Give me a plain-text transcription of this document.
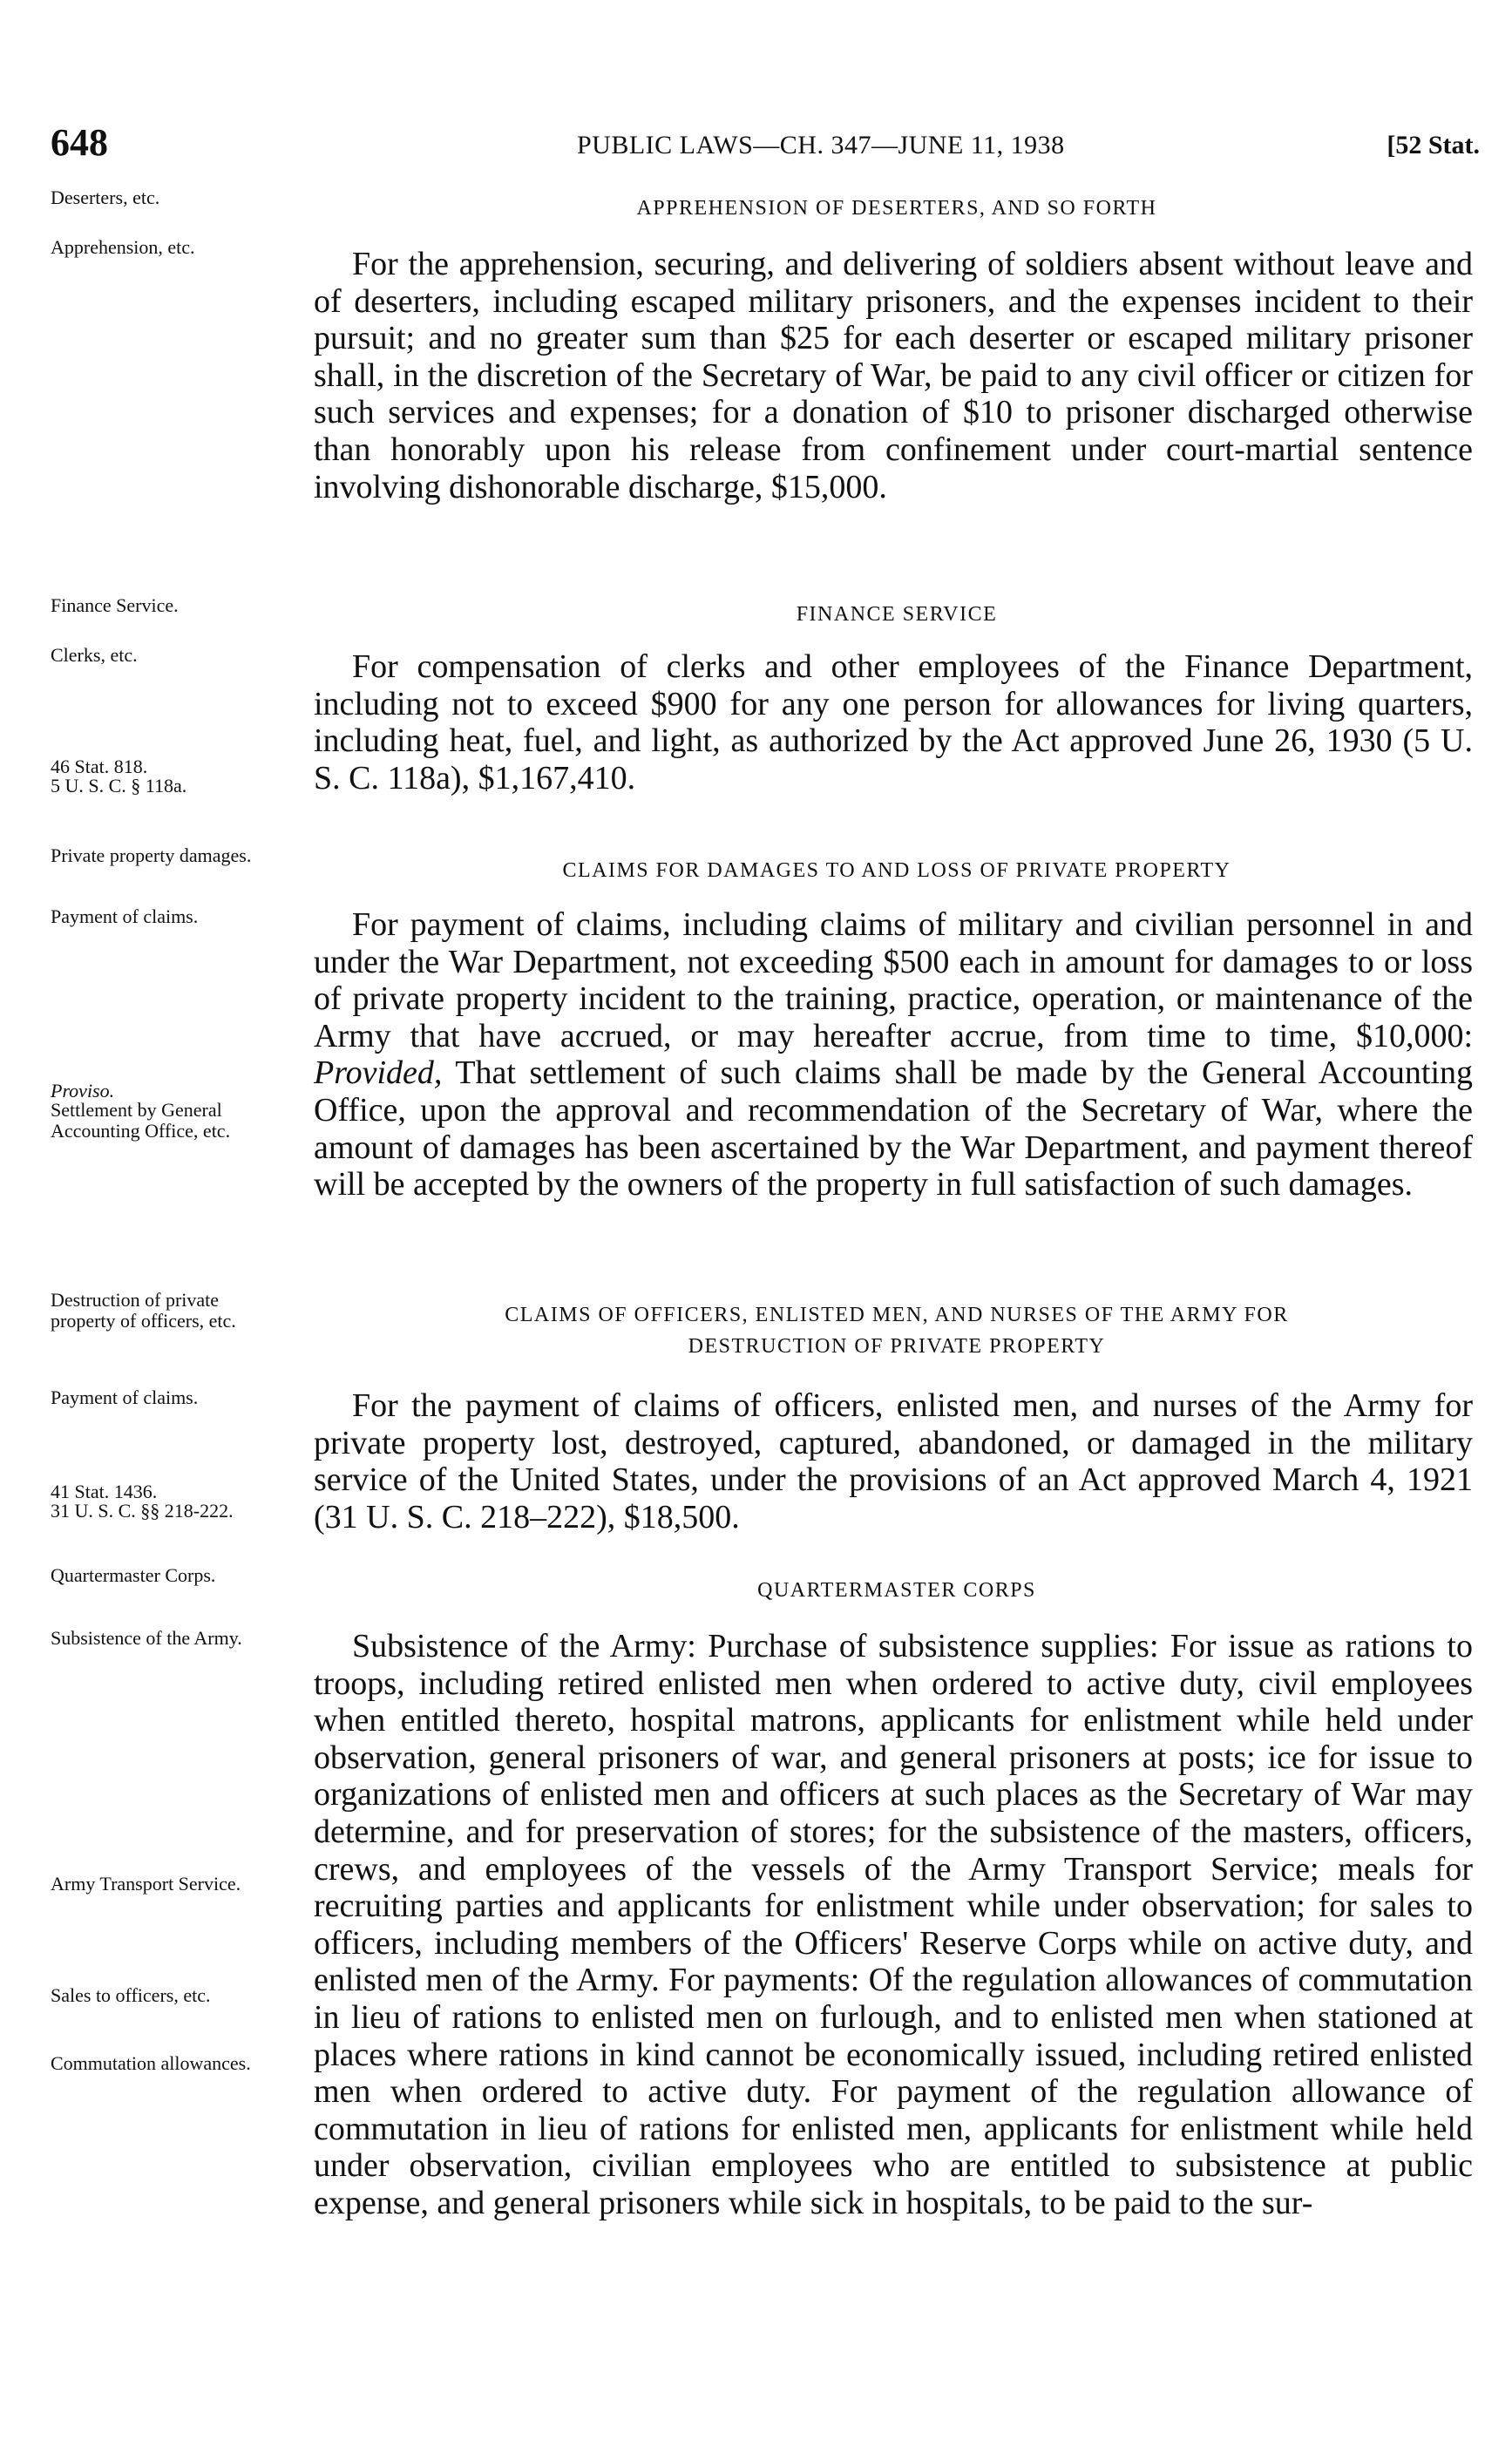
648	PUBLIC LAWS—CH. 347—JUNE 11, 1938	[52 Stat.
Deserters, etc.
Apprehension, etc.
Finance Service.
Clerks, etc.
46 Stat. 818.
5 U. S. C. § 118a.
Private property damages.
Payment of claims.
Proviso.
Settlement by General Accounting Office, etc.
Destruction of private property of officers, etc.
Payment of claims.
41 Stat. 1436.
31 U. S. C. §§ 218-222.
Quartermaster Corps.
Subsistence of the Army.
Army Transport Service.
Sales to officers, etc.
Commutation allowances.
APPREHENSION OF DESERTERS, AND SO FORTH
For the apprehension, securing, and delivering of soldiers absent without leave and of deserters, including escaped military prisoners, and the expenses incident to their pursuit; and no greater sum than $25 for each deserter or escaped military prisoner shall, in the discretion of the Secretary of War, be paid to any civil officer or citizen for such services and expenses; for a donation of $10 to prisoner discharged otherwise than honorably upon his release from confinement under court-martial sentence involving dishonorable discharge, $15,000.
FINANCE SERVICE
For compensation of clerks and other employees of the Finance Department, including not to exceed $900 for any one person for allowances for living quarters, including heat, fuel, and light, as authorized by the Act approved June 26, 1930 (5 U. S. C. 118a), $1,167,410.
CLAIMS FOR DAMAGES TO AND LOSS OF PRIVATE PROPERTY
For payment of claims, including claims of military and civilian personnel in and under the War Department, not exceeding $500 each in amount for damages to or loss of private property incident to the training, practice, operation, or maintenance of the Army that have accrued, or may hereafter accrue, from time to time, $10,000: Provided, That settlement of such claims shall be made by the General Accounting Office, upon the approval and recommendation of the Secretary of War, where the amount of damages has been ascertained by the War Department, and payment thereof will be accepted by the owners of the property in full satisfaction of such damages.
CLAIMS OF OFFICERS, ENLISTED MEN, AND NURSES OF THE ARMY FOR
DESTRUCTION OF PRIVATE PROPERTY
For the payment of claims of officers, enlisted men, and nurses of the Army for private property lost, destroyed, captured, abandoned, or damaged in the military service of the United States, under the provisions of an Act approved March 4, 1921 (31 U. S. C. 218–222), $18,500.
QUARTERMASTER CORPS
Subsistence of the Army: Purchase of subsistence supplies: For issue as rations to troops, including retired enlisted men when ordered to active duty, civil employees when entitled thereto, hospital matrons, applicants for enlistment while held under observation, general prisoners of war, and general prisoners at posts; ice for issue to organizations of enlisted men and officers at such places as the Secretary of War may determine, and for preservation of stores; for the subsistence of the masters, officers, crews, and employees of the vessels of the Army Transport Service; meals for recruiting parties and applicants for enlistment while under observation; for sales to officers, including members of the Officers' Reserve Corps while on active duty, and enlisted men of the Army. For payments: Of the regulation allowances of commutation in lieu of rations to enlisted men on furlough, and to enlisted men when stationed at places where rations in kind cannot be economically issued, including retired enlisted men when ordered to active duty. For payment of the regulation allowance of commutation in lieu of rations for enlisted men, applicants for enlistment while held under observation, civilian employees who are entitled to subsistence at public expense, and general prisoners while sick in hospitals, to be paid to the sur-
